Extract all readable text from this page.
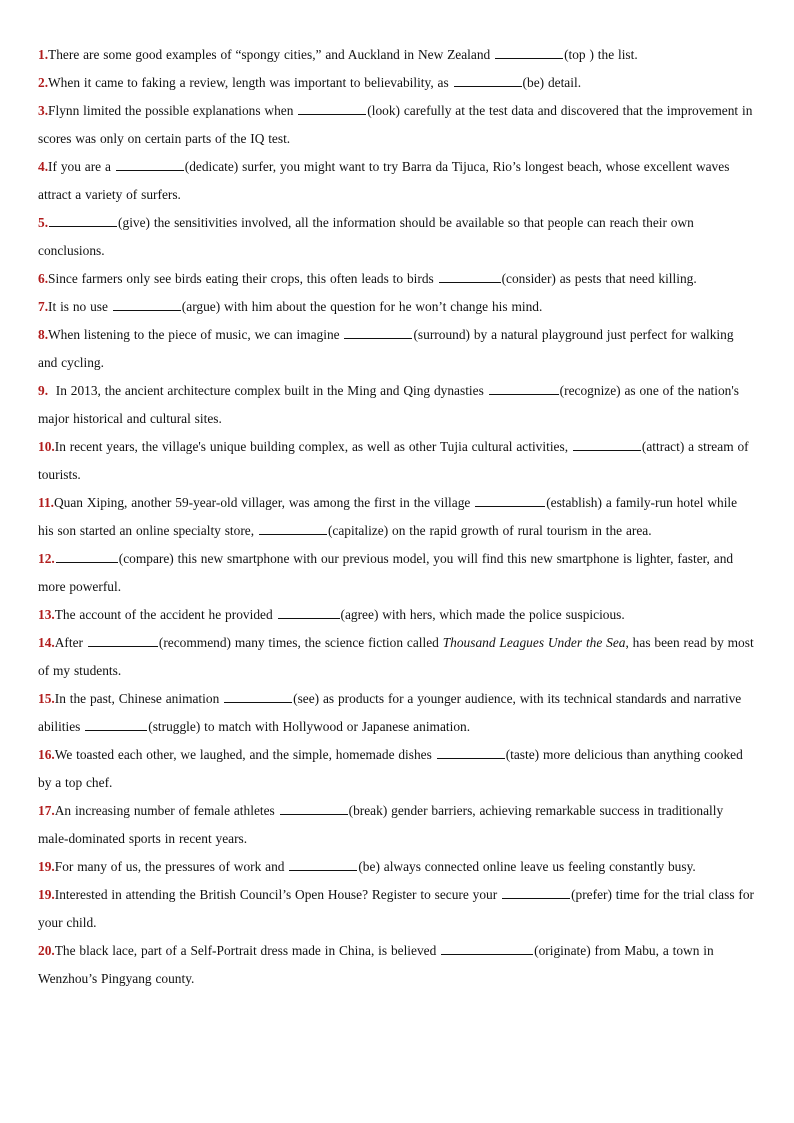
1.There are some good examples of “spongy cities,” and Auckland in New Zealand	(top ) the list.

2.When it came to faking a review, length was important to believability, as	(be) detail.

3.Flynn limited the possible explanations when	(look) carefully at the test data and discovered that the improvement in scores was only on certain parts of the IQ test.

4.If you are a	(dedicate) surfer, you might want to try Barra da Tijuca, Rio’s longest beach, whose excellent waves attract a variety of surfers.

5.	(give) the sensitivities involved, all the information should be available so that people can reach their own conclusions.

6.Since farmers only see birds eating their crops, this often leads to birds	(consider) as pests that need killing.

7.It is no use	(argue) with him about the question for he won’t change his mind.

8.When listening to the piece of music, we can imagine	(surround) by a natural playground just perfect for walking and cycling.

9.  In 2013, the ancient architecture complex built in the Ming and Qing dynasties	(recognize) as one of the nation's major historical and cultural sites.

10.In recent years, the village's unique building complex, as well as other Tujia cultural activities,	(attract) a stream of tourists.

11.Quan Xiping, another 59-year-old villager, was among the first in the village	(establish) a family-run hotel while his son started an online specialty store,	(capitalize) on the rapid growth of rural tourism in the area.

12.	(compare) this new smartphone with our previous model, you will find this new smartphone is lighter, faster, and more powerful.

13.The account of the accident he provided	(agree) with hers, which made the police suspicious.

14.After	(recommend) many times, the science fiction called Thousand Leagues Under the Sea, has been read by most of my students.

15.In the past, Chinese animation	(see) as products for a younger audience, with its technical standards and narrative abilities	(struggle) to match with Hollywood or Japanese animation.

16.We toasted each other, we laughed, and the simple, homemade dishes	(taste) more delicious than anything cooked by a top chef.

17.An increasing number of female athletes	(break) gender barriers, achieving remarkable success in traditionally male-dominated sports in recent years.

19.For many of us, the pressures of work and	(be) always connected online leave us feeling constantly busy.

19.Interested in attending the British Council’s Open House? Register to secure your	(prefer) time for the trial class for your child.

20.The black lace, part of a Self-Portrait dress made in China, is believed	(originate) from Mabu, a town in Wenzhou’s Pingyang county.
